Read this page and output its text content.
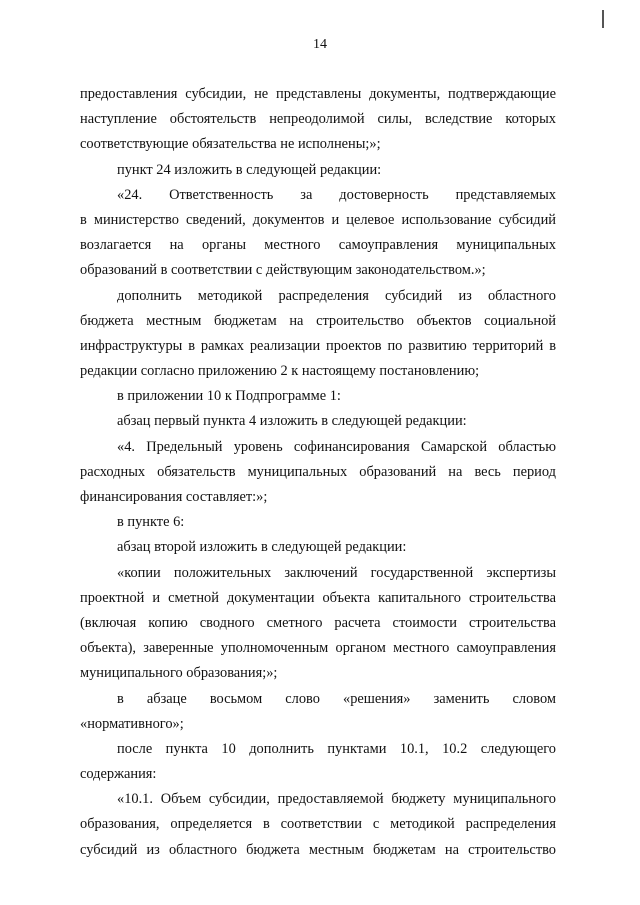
14
предоставления субсидии, не представлены документы, подтверждающие
наступление обстоятельств непреодолимой силы, вследствие которых
соответствующие обязательства не исполнены;»;
пункт 24 изложить в следующей редакции:
«24. Ответственность за достоверность представляемых
в министерство сведений, документов и целевое использование субсидий
возлагается на органы местного самоуправления муниципальных
образований в соответствии с действующим законодательством.»;
дополнить методикой распределения субсидий из областного
бюджета местным бюджетам на строительство объектов социальной
инфраструктуры в рамках реализации проектов по развитию территорий в
редакции согласно приложению 2 к настоящему постановлению;
в приложении 10 к Подпрограмме 1:
абзац первый пункта 4 изложить в следующей редакции:
«4. Предельный уровень софинансирования Самарской областью
расходных обязательств муниципальных образований на весь период
финансирования составляет:»;
в пункте 6:
абзац второй изложить в следующей редакции:
«копии положительных заключений государственной экспертизы
проектной и сметной документации объекта капитального строительства
(включая копию сводного сметного расчета стоимости строительства
объекта), заверенные уполномоченным органом местного самоуправления
муниципального образования;»;
в абзаце восьмом слово «решения» заменить словом
«нормативного»;
после пункта 10 дополнить пунктами 10.1, 10.2 следующего
содержания:
«10.1. Объем субсидии, предоставляемой бюджету муниципального
образования, определяется в соответствии с методикой распределения
субсидий из областного бюджета местным бюджетам на строительство
